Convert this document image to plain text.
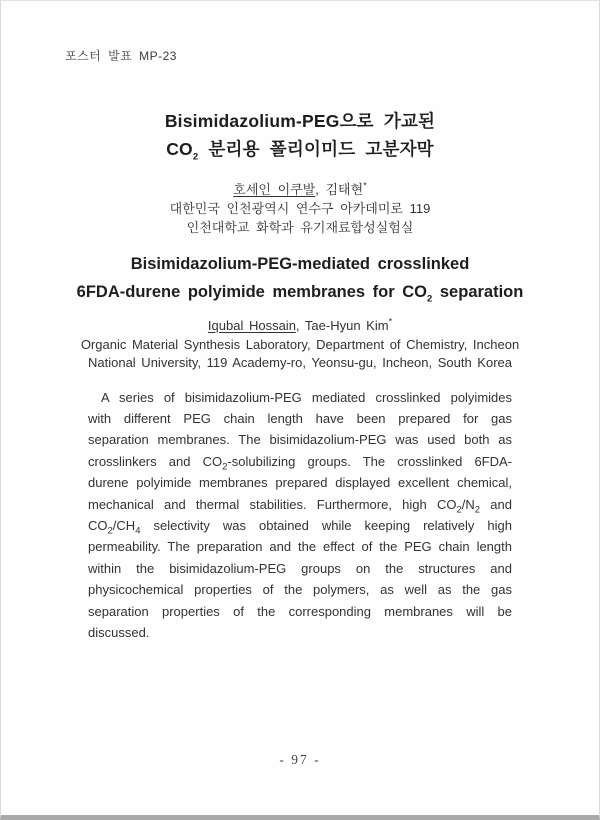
포스터 발표 MP-23
Bisimidazolium-PEG으로 가교된
$CO_2$ 분리용 폴리이미드 고분자막
호세인 이쿠발, 김태현*
대한민국 인천광역시 연수구 아카데미로 119
인천대학교 화학과 유기재료합성실험실
Bisimidazolium-PEG-mediated crosslinked
6FDA-durene polyimide membranes for $CO_2$ separation
Iqubal Hossain, Tae-Hyun Kim*
Organic Material Synthesis Laboratory, Department of Chemistry, Incheon
National University, 119 Academy-ro, Yeonsu-gu, Incheon, South Korea

A series of bisimidazolium-PEG mediated crosslinked polyimides with different PEG chain length have been prepared for gas separation membranes. The bisimidazolium-PEG was used both as crosslinkers and $CO_2$-solubilizing groups. The crosslinked 6FDA-durene polyimide membranes prepared displayed excellent chemical, mechanical and thermal stabilities. Furthermore, high $CO_2/N_2$ and $CO_2/CH_4$ selectivity was obtained while keeping relatively high permeability. The preparation and the effect of the PEG chain length within the bisimidazolium-PEG groups on the structures and physicochemical properties of the polymers, as well as the gas separation properties of the corresponding membranes will be discussed.

- 97 -
